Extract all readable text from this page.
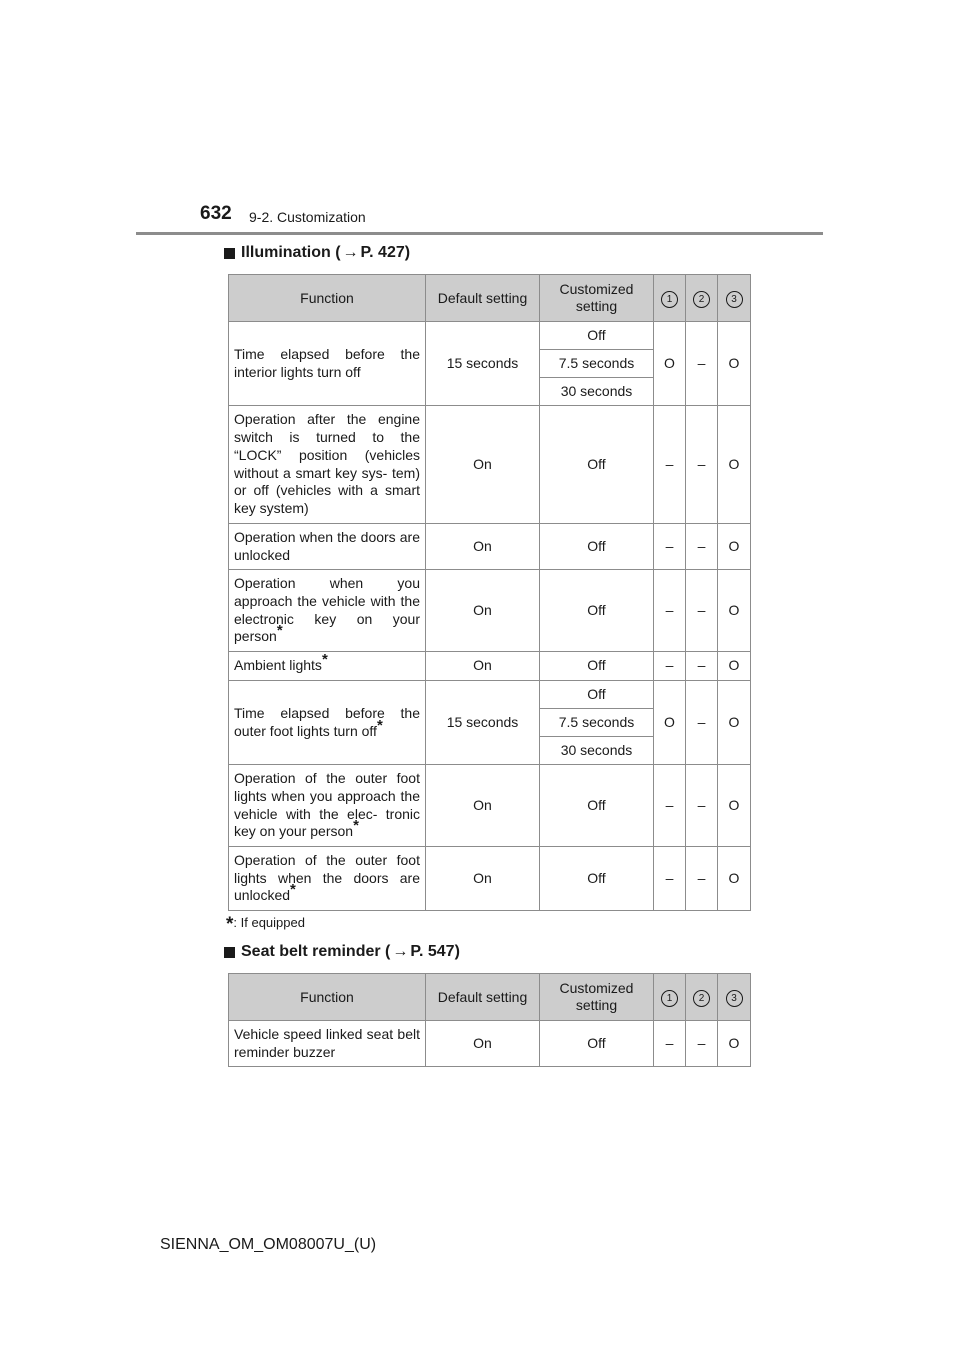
632 9-2. Customization
Illumination ( → P. 427)
Function	Default setting	Customized setting	1	2	3
Time elapsed before the interior lights turn off	15 seconds	Off	O	–	O
		7.5 seconds			
		30 seconds			
Operation after the engine switch is turned to the “LOCK” position (vehicles without a smart key sys- tem) or off (vehicles with a smart key system)	On	Off	–	–	O
Operation when the doors are unlocked	On	Off	–	–	O
Operation when you approach the vehicle with the electronic key on your person*	On	Off	–	–	O
Ambient lights*	On	Off	–	–	O
Time elapsed before the outer foot lights turn off*	15 seconds	Off	O	–	O
		7.5 seconds			
		30 seconds			
Operation of the outer foot lights when you approach the vehicle with the elec- tronic key on your person*	On	Off	–	–	O
Operation of the outer foot lights when the doors are unlocked*	On	Off	–	–	O
*: If equipped
Seat belt reminder ( → P. 547)
Function	Default setting	Customized setting	1	2	3
Vehicle speed linked seat belt reminder buzzer	On	Off	–	–	O
SIENNA_OM_OM08007U_(U)
